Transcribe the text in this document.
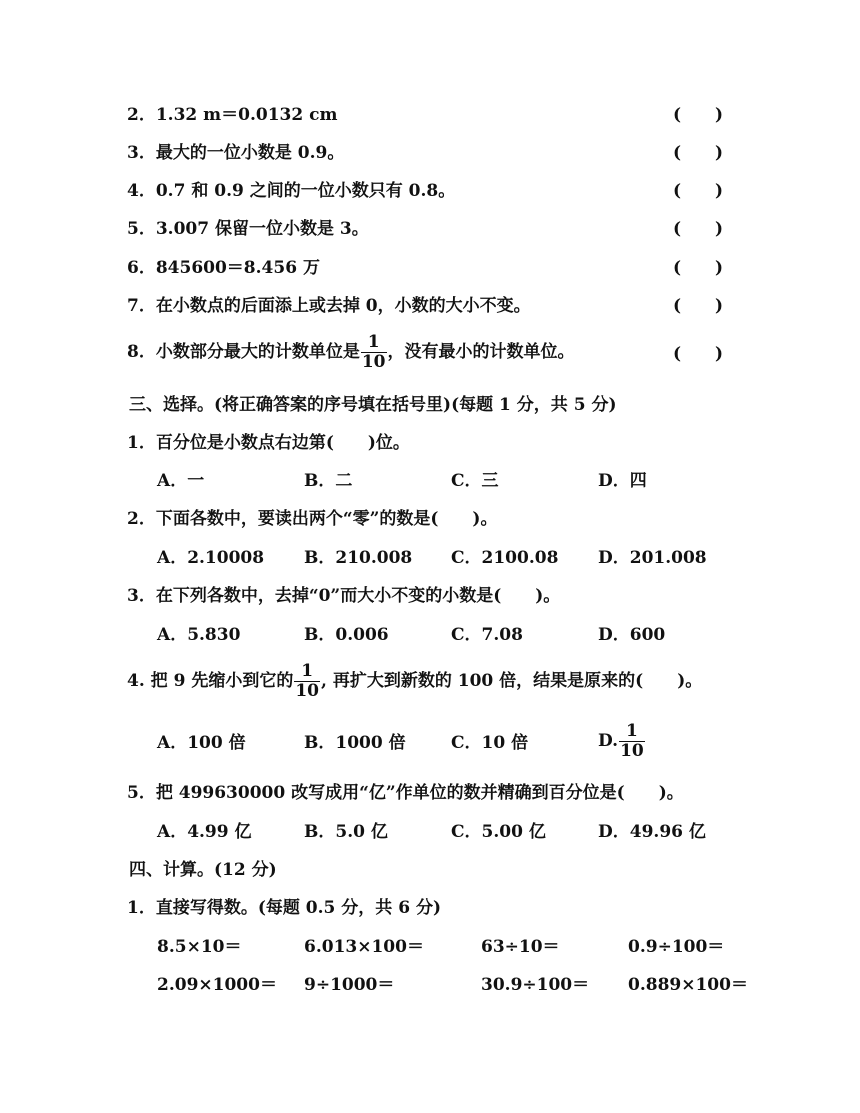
2．1.32 m＝0.0132 cm	(　　)
3．最大的一位小数是 0.9。	(　　)
4．0.7 和 0.9 之间的一位小数只有 0.8。	(　　)
5．3.007 保留一位小数是 3。	(　　)
6．845600＝8.456 万	(　　)
7．在小数点的后面添上或去掉 0，小数的大小不变。	(　　)
8．小数部分最大的计数单位是 $\frac{1}{10}$ ，没有最小的计数单位。	(　　)
三、选择。(将正确答案的序号填在括号里)(每题 1 分，共 5 分)
1．百分位是小数点右边第(　　)位。
A．一	B．二	C．三	D．四
2．下面各数中，要读出两个“零”的数是(　　)。
A．2.10008 B．210.008 C．2100.08 D．201.008
3．在下列各数中，去掉“0”而大小不变的小数是(　　)。
A．5.830	B．0.006	C．7.08	D．600
4. 把 9 先缩小到它的 $\frac{1}{10}$ , 再扩大到新数的 100 倍，结果是原来的(　　)。
A．100 倍	B．1000 倍	C．10 倍	D. $\frac{1}{10}$
5．把 499630000 改写成用“亿”作单位的数并精确到百分位是(　　)。
A．4.99 亿	B．5.0 亿	C．5.00 亿	D．49.96 亿
四、计算。(12 分)
1．直接写得数。(每题 0.5 分，共 6 分)
8.5×10＝	6.013×100＝	63÷10＝	0.9÷100＝
2.09×1000＝ 9÷1000＝	30.9÷100＝ 0.889×100＝
